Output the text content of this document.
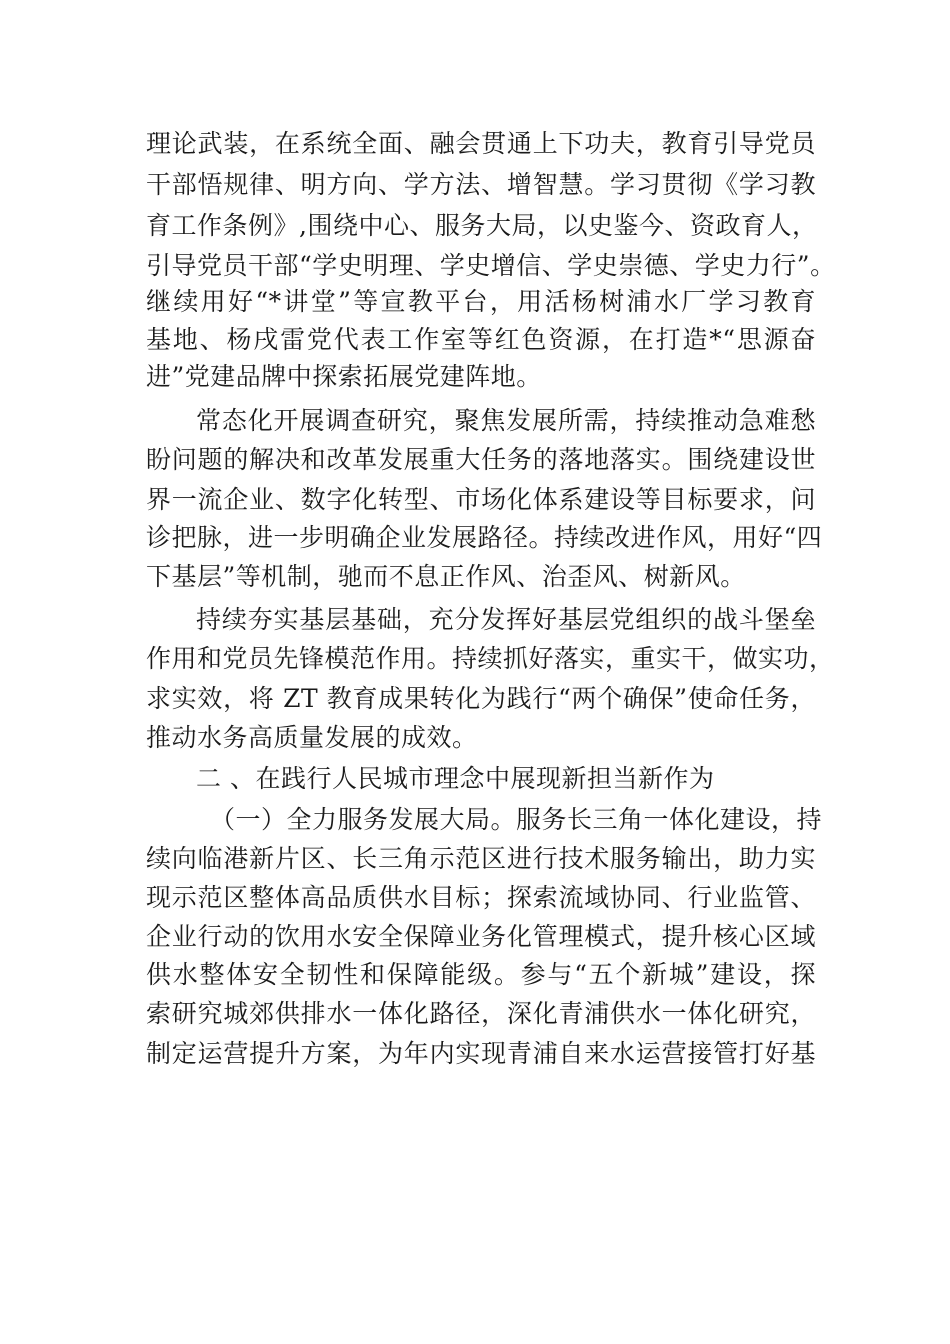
理论武装，在系统全面、融会贯通上下功夫，教育引导党员
干部悟规律、明方向、学方法、增智慧。学习贯彻《学习教
育工作条例》,围绕中心、服务大局，以史鉴今、资政育人，
引导党员干部“学史明理、学史增信、学史崇德、学史力行”。
继续用好“*讲堂”等宣教平台，用活杨树浦水厂学习教育
基地、杨戌雷党代表工作室等红色资源，在打造*“思源奋
进”党建品牌中探索拓展党建阵地。
常态化开展调查研究，聚焦发展所需，持续推动急难愁
盼问题的解决和改革发展重大任务的落地落实。围绕建设世
界一流企业、数字化转型、市场化体系建设等目标要求，问
诊把脉，进一步明确企业发展路径。持续改进作风，用好“四
下基层”等机制，驰而不息正作风、治歪风、树新风。
持续夯实基层基础，充分发挥好基层党组织的战斗堡垒
作用和党员先锋模范作用。持续抓好落实，重实干，做实功，
求实效，将 ZT 教育成果转化为践行“两个确保”使命任务，
推动水务高质量发展的成效。
二 、在践行人民城市理念中展现新担当新作为
（一）全力服务发展大局。服务长三角一体化建设，持
续向临港新片区、长三角示范区进行技术服务输出，助力实
现示范区整体高品质供水目标；探索流域协同、行业监管、
企业行动的饮用水安全保障业务化管理模式，提升核心区域
供水整体安全韧性和保障能级。参与“五个新城”建设，探
索研究城郊供排水一体化路径，深化青浦供水一体化研究，
制定运营提升方案，为年内实现青浦自来水运营接管打好基
